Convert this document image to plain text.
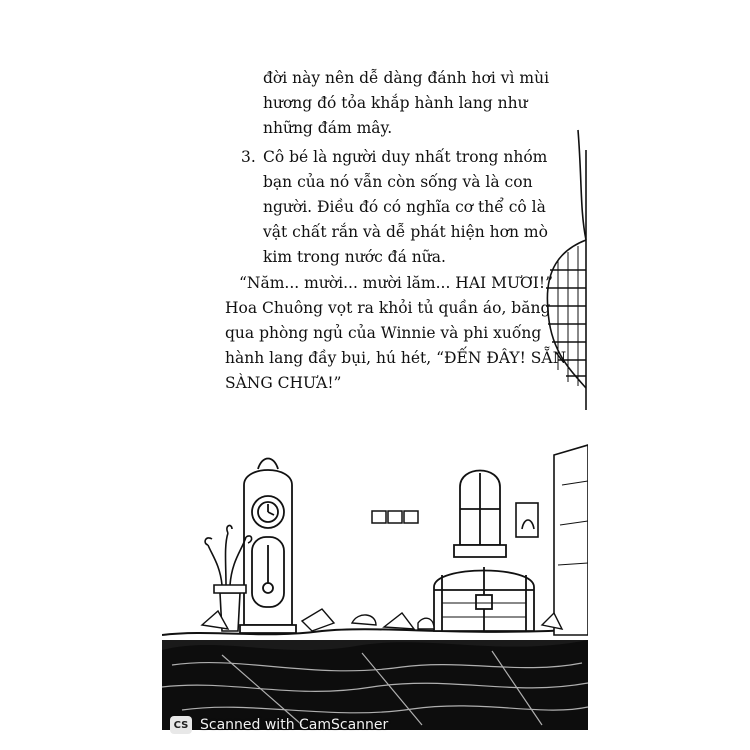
đời này nên dễ dàng đánh hơi vì mùi
hương đó tỏa khắp hành lang như
những đám mây.
3. Cô bé là người duy nhất trong nhóm
bạn của nó vẫn còn sống và là con
người. Điều đó có nghĩa cơ thể cô là
vật chất rắn và dễ phát hiện hơn mò
kim trong nước đá nữa.
“Năm... mười... mười lăm... HAI MƯƠI!”
Hoa Chuông vọt ra khỏi tủ quần áo, băng
qua phòng ngủ của Winnie và phi xuống
hành lang đầy bụi, hú hét, “ĐẾN ĐÂY! SẴN
SÀNG CHƯA!”
CS Scanned with CamScanner
